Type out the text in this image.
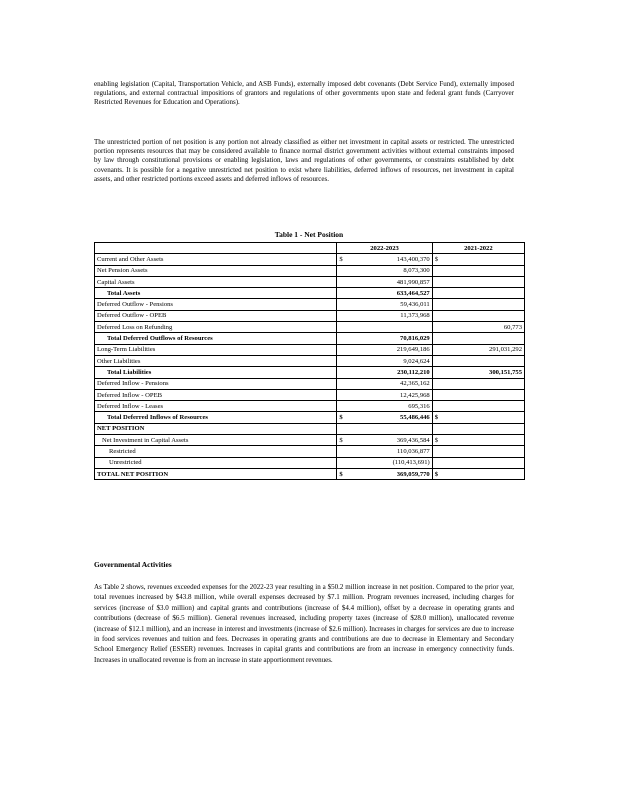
enabling legislation (Capital, Transportation Vehicle, and ASB Funds), externally imposed debt covenants (Debt Service Fund), externally imposed regulations, and external contractual impositions of grantors and regulations of other governments upon state and federal grant funds (Carryover Restricted Revenues for Education and Operations).
The unrestricted portion of net position is any portion not already classified as either net investment in capital assets or restricted. The unrestricted portion represents resources that may be considered available to finance normal district government activities without external constraints imposed by law through constitutional provisions or enabling legislation, laws and regulations of other governments, or constraints established by debt covenants. It is possible for a negative unrestricted net position to exist where liabilities, deferred inflows of resources, net investment in capital assets, and other restricted portions exceed assets and deferred inflows of resources.
Table 1 - Net Position
	2022-2023	2021-2022
Current and Other Assets	$ 143,400,370	$

Net Pension Assets	8,073,300	
Capital Assets	481,990,857	
Total Assets	633,464,527	
Deferred Outflow - Pensions	59,436,011	
Deferred Outflow - OPEB	11,373,968	
Deferred Loss on Refunding		60,773
Total Deferred Outflows of Resources	70,816,029	
Long-Term Liabilities	219,649,186	291,031,292
Other Liabilities	9,024,624	
Total Liabilities	230,112,210	300,151,755
Deferred Inflow - Pensions	42,365,162	
Deferred Inflow - OPEB	12,425,968	
Deferred Inflow - Leases	695,316	
Total Deferred Inflows of Resources	$ 55,486,446	$

NET POSITION		
Net Investment in Capital Assets	$ 369,436,584	$

Restricted	110,036,877	
Unrestricted	(110,413,691)	
TOTAL NET POSITION	$ 369,059,770	$
Governmental Activities
As Table 2 shows, revenues exceeded expenses for the 2022-23 year resulting in a $50.2 million increase in net position. Compared to the prior year, total revenues increased by $43.8 million, while overall expenses decreased by $7.1 million. Program revenues increased, including charges for services (increase of $3.0 million) and capital grants and contributions (increase of $4.4 million), offset by a decrease in operating grants and contributions (decrease of $6.5 million). General revenues increased, including property taxes (increase of $28.0 million), unallocated revenue (increase of $12.1 million), and an increase in interest and investments (increase of $2.6 million). Increases in charges for services are due to increase in food services revenues and tuition and fees. Decreases in operating grants and contributions are due to decrease in Elementary and Secondary School Emergency Relief (ESSER) revenues. Increases in capital grants and contributions are from an increase in emergency connectivity funds. Increases in unallocated revenue is from an increase in state apportionment revenues.
